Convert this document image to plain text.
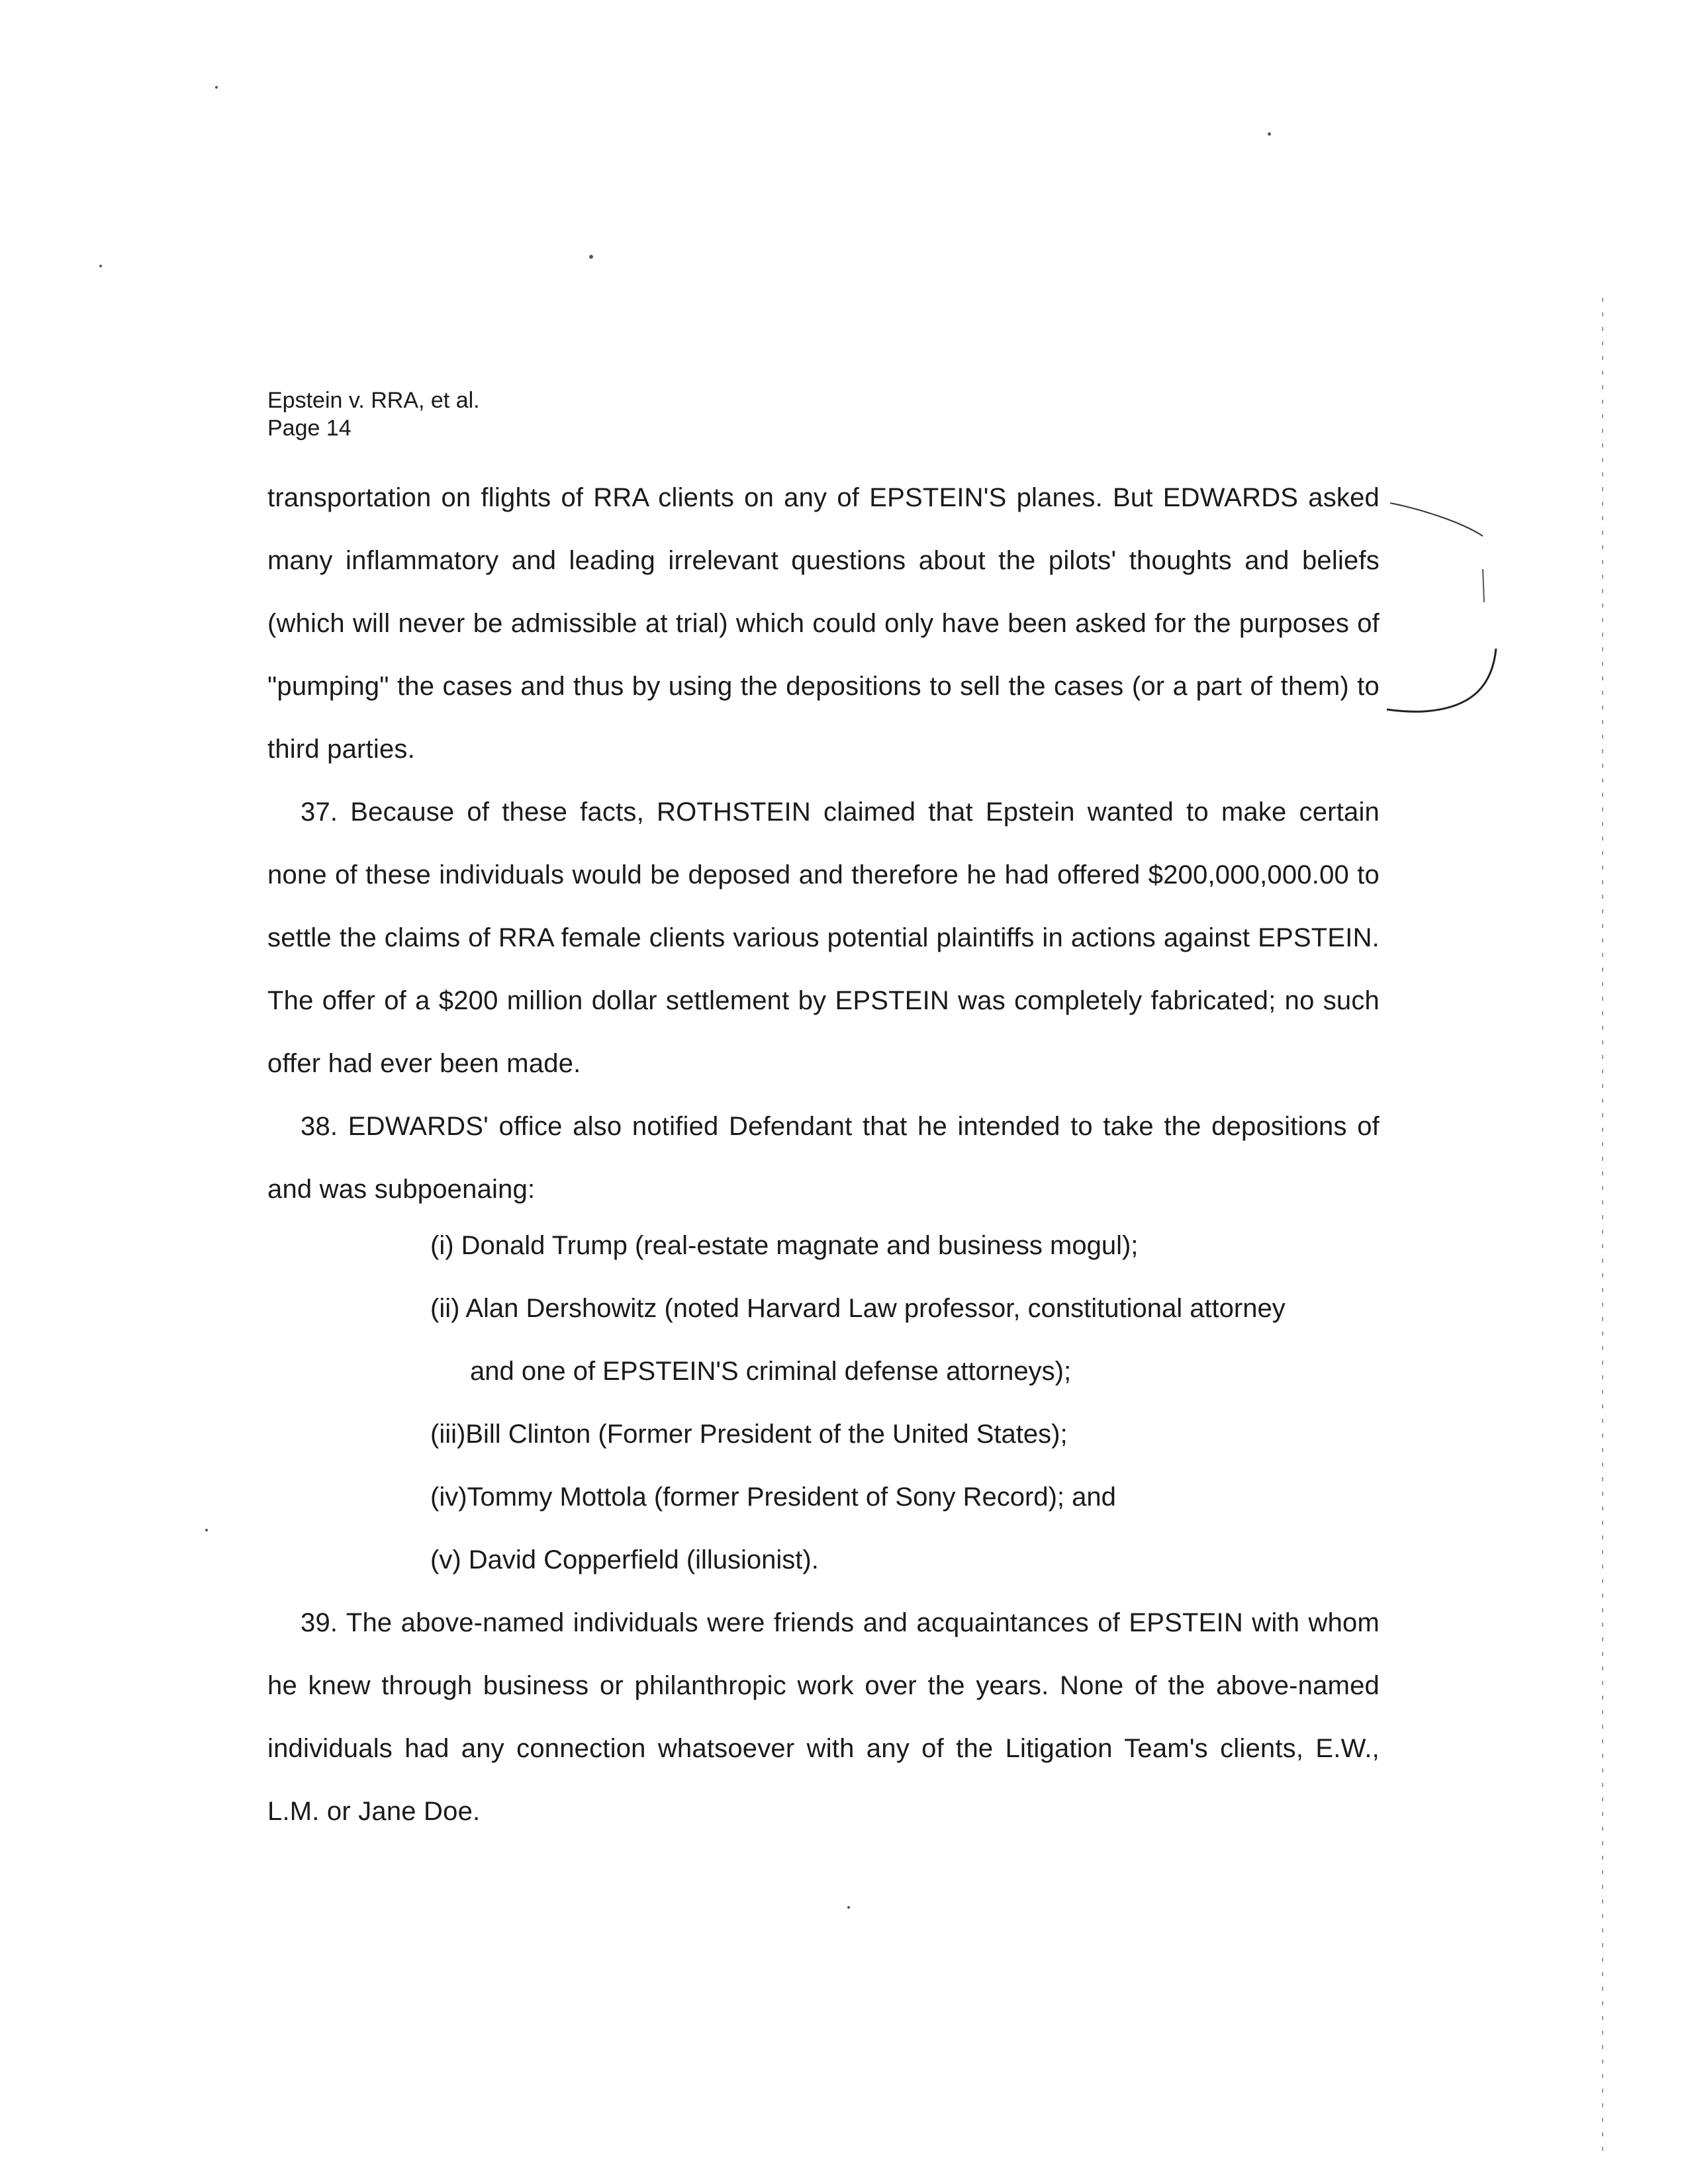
Epstein v. RRA, et al.
Page 14

transportation on flights of RRA clients on any of EPSTEIN'S planes. But EDWARDS asked many inflammatory and leading irrelevant questions about the pilots' thoughts and beliefs (which will never be admissible at trial) which could only have been asked for the purposes of "pumping" the cases and thus by using the depositions to sell the cases (or a part of them) to third parties.

37. Because of these facts, ROTHSTEIN claimed that Epstein wanted to make certain none of these individuals would be deposed and therefore he had offered $200,000,000.00 to settle the claims of RRA female clients various potential plaintiffs in actions against EPSTEIN. The offer of a $200 million dollar settlement by EPSTEIN was completely fabricated; no such offer had ever been made.

38. EDWARDS' office also notified Defendant that he intended to take the depositions of and was subpoenaing:

(i) Donald Trump (real-estate magnate and business mogul);
(ii) Alan Dershowitz (noted Harvard Law professor, constitutional attorney
and one of EPSTEIN'S criminal defense attorneys);
(iii)Bill Clinton (Former President of the United States);
(iv)Tommy Mottola (former President of Sony Record); and
(v) David Copperfield (illusionist).

39. The above-named individuals were friends and acquaintances of EPSTEIN with whom he knew through business or philanthropic work over the years. None of the above-named individuals had any connection whatsoever with any of the Litigation Team's clients, E.W., L.M. or Jane Doe.
